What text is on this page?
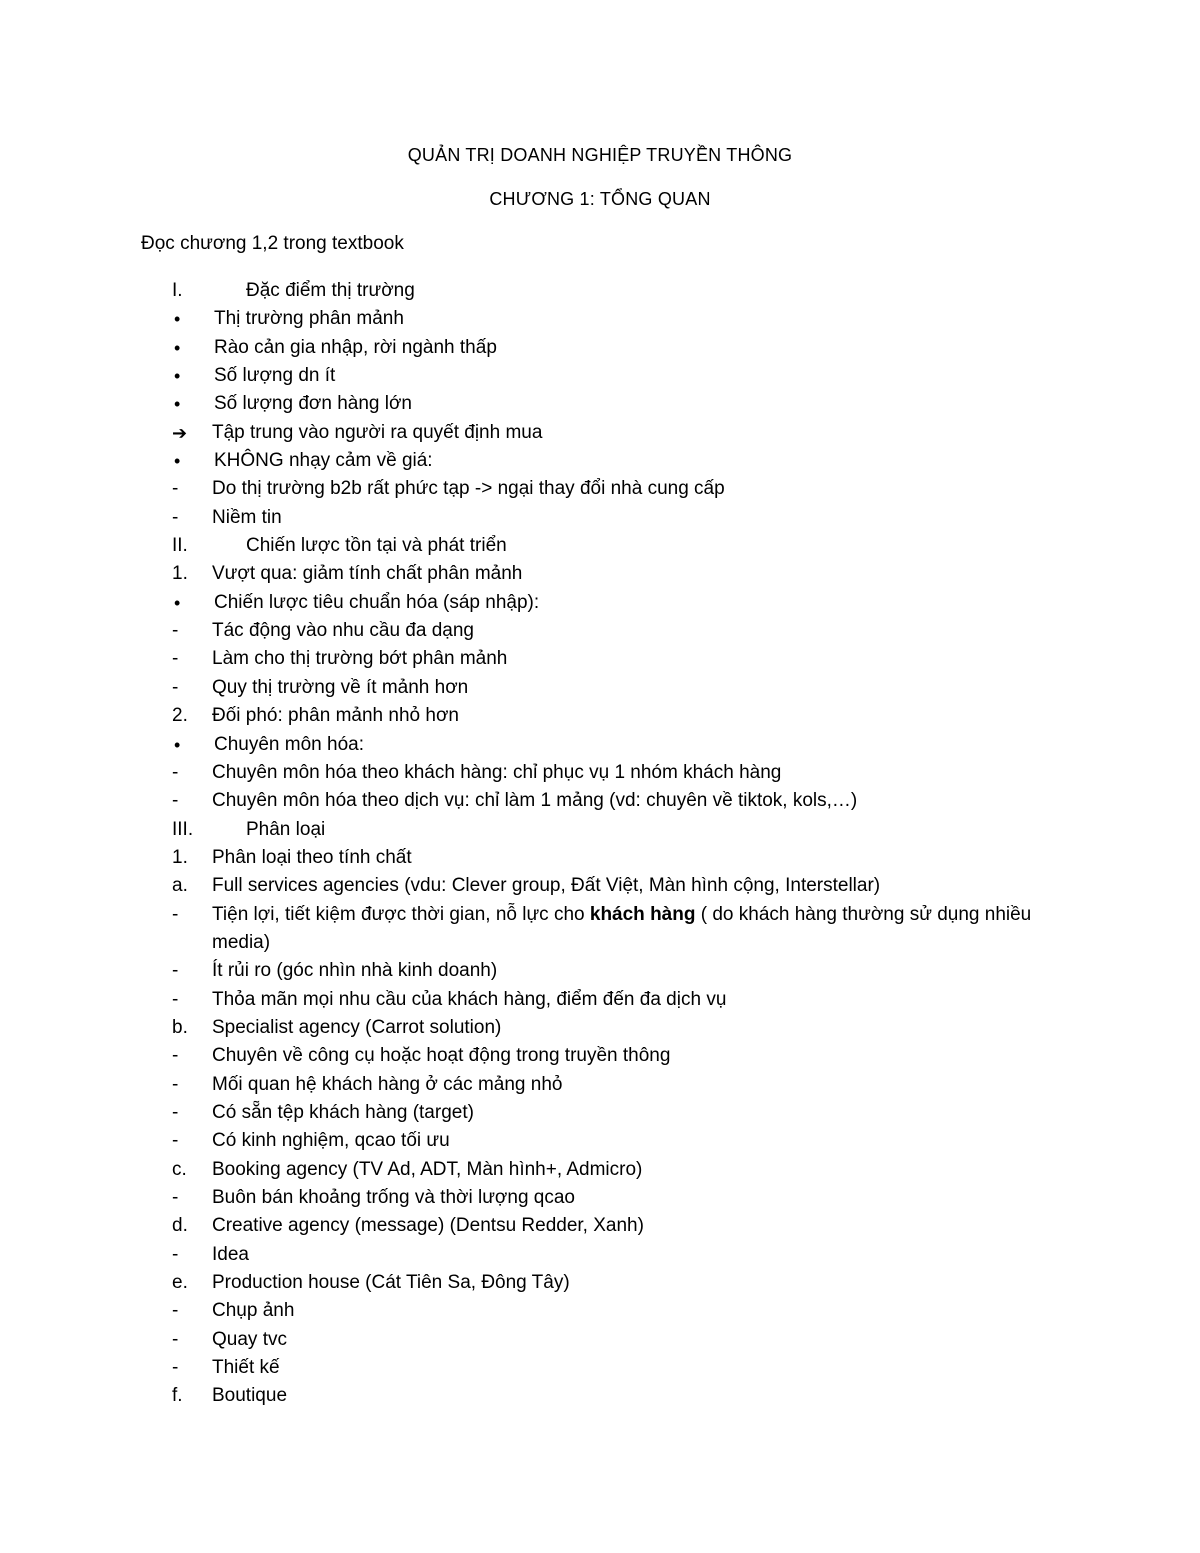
QUẢN TRỊ DOANH NGHIỆP TRUYỀN THÔNG
CHƯƠNG 1: TỔNG QUAN
Đọc chương 1,2 trong textbook
I.	Đặc điểm thị trường
•	Thị trường phân mảnh
•	Rào cản gia nhập, rời ngành thấp
•	Số lượng dn ít
•	Số lượng đơn hàng lớn
➔	Tập trung vào người ra quyết định mua
•	KHÔNG nhạy cảm về giá:
-	Do thị trường b2b rất phức tạp -> ngại thay đổi nhà cung cấp
-	Niềm tin
II.	Chiến lược tồn tại và phát triển
1.	Vượt qua: giảm tính chất phân mảnh
•	Chiến lược tiêu chuẩn hóa (sáp nhập):
-	Tác động vào nhu cầu đa dạng
-	Làm cho thị trường bớt phân mảnh
-	Quy thị trường về ít mảnh hơn
2.	Đối phó: phân mảnh nhỏ hơn
•	Chuyên môn hóa:
-	Chuyên môn hóa theo khách hàng: chỉ phục vụ 1 nhóm khách hàng
-	Chuyên môn hóa theo dịch vụ: chỉ làm 1 mảng (vd: chuyên về tiktok, kols,…)
III.	Phân loại
1.	Phân loại theo tính chất
a.	Full services agencies (vdu: Clever group, Đất Việt, Màn hình cộng, Interstellar)
-	Tiện lợi, tiết kiệm được thời gian, nỗ lực cho khách hàng ( do khách hàng thường sử dụng nhiều media)
-	Ít rủi ro (góc nhìn nhà kinh doanh)
-	Thỏa mãn mọi nhu cầu của khách hàng, điểm đến đa dịch vụ
b.	Specialist agency (Carrot solution)
-	Chuyên về công cụ hoặc hoạt động trong truyền thông
-	Mối quan hệ khách hàng ở các mảng nhỏ
-	Có sẵn tệp khách hàng (target)
-	Có kinh nghiệm, qcao tối ưu
c.	Booking agency (TV Ad, ADT, Màn hình+, Admicro)
-	Buôn bán khoảng trống và thời lượng qcao
d.	Creative agency (message) (Dentsu Redder, Xanh)
-	Idea
e.	Production house (Cát Tiên Sa, Đông Tây)
-	Chụp ảnh
-	Quay tvc
-	Thiết kế
f.	Boutique
